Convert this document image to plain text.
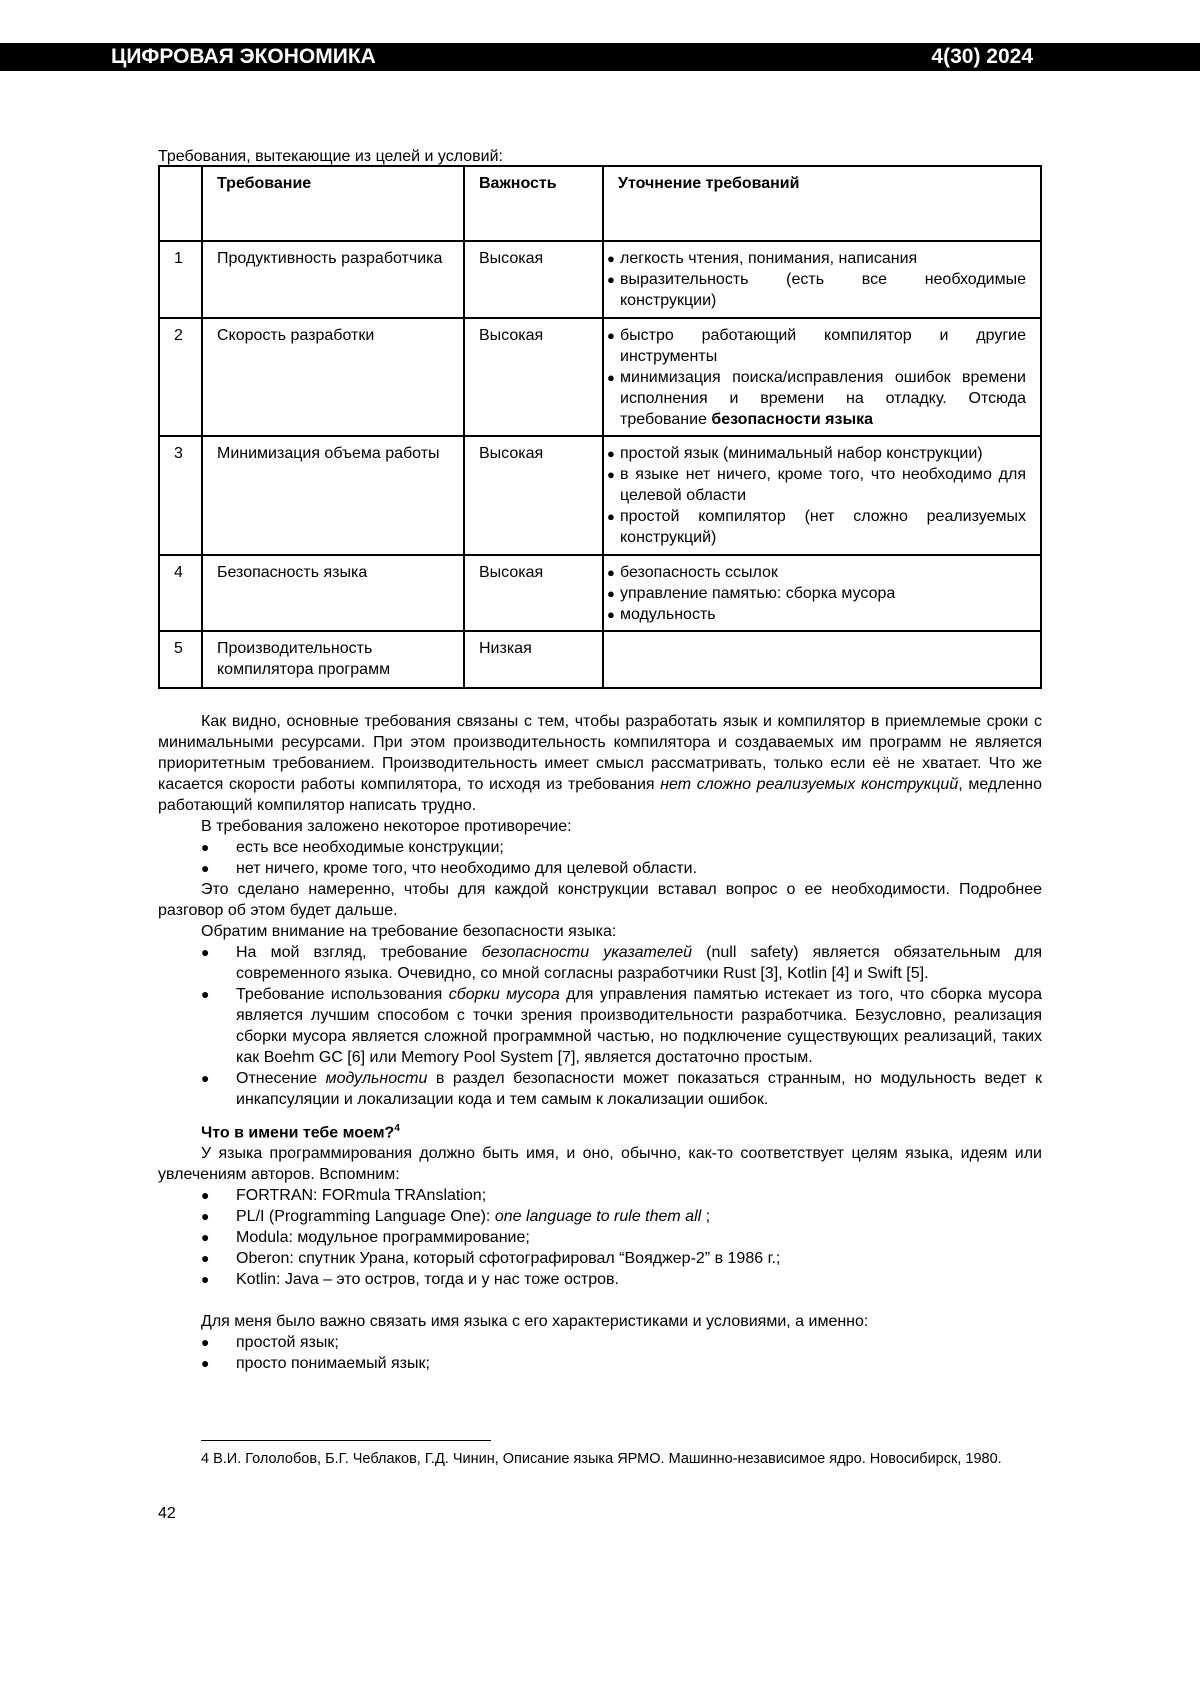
ЦИФРОВАЯ ЭКОНОМИКА	4(30) 2024
Требования, вытекающие из целей и условий:
	Требование	Важность	Уточнение требований
1	Продуктивность разработчика	Высокая	● легкость чтения, понимания, написания
● выразительность (есть все необходимые конструкции)

2	Скорость разработки	Высокая	● быстро работающий компилятор и другие инструменты
● минимизация поиска/исправления ошибок времени исполнения и времени на отладку. Отсюда требование безопасности языка

3	Минимизация объема работы	Высокая	● простой язык (минимальный набор конструкции)
● в языке нет ничего, кроме того, что необходимо для целевой области
● простой компилятор (нет сложно реализуемых конструкций)

4	Безопасность языка	Высокая	● безопасность ссылок
● управление памятью: сборка мусора
● модульность

5	Производительность компилятора программ	Низкая	

Как видно, основные требования связаны с тем, чтобы разработать язык и компилятор в приемлемые сроки с минимальными ресурсами. При этом производительность компилятора и создаваемых им программ не является приоритетным требованием. Производительность имеет смысл рассматривать, только если её не хватает. Что же касается скорости работы компилятора, то исходя из требования нет сложно реализуемых конструкций, медленно работающий компилятор написать трудно.

В требования заложено некоторое противоречие:

●	есть все необходимые конструкции;
●	нет ничего, кроме того, что необходимо для целевой области.

Это сделано намеренно, чтобы для каждой конструкции вставал вопрос о ее необходимости. Подробнее разговор об этом будет дальше.

Обратим внимание на требование безопасности языка:

●	На мой взгляд, требование безопасности указателей (null safety) является обязательным для современного языка. Очевидно, со мной согласны разработчики Rust [3], Kotlin [4] и Swift [5].
●	Требование использования сборки мусора для управления памятью истекает из того, что сборка мусора является лучшим способом с точки зрения производительности разработчика. Безусловно, реализация сборки мусора является сложной программной частью, но подключение существующих реализаций, таких как Boehm GC [6] или Memory Pool System [7], является достаточно простым.
●	Отнесение модульности в раздел безопасности может показаться странным, но модульность ведет к инкапсуляции и локализации кода и тем самым к локализации ошибок.
Что в имени тебе моем?4

У языка программирования должно быть имя, и оно, обычно, как-то соответствует целям языка, идеям или увлечениям авторов. Вспомним:

●	FORTRAN: FORmula TRAnslation;
●	PL/I (Programming Language One): one language to rule them all ;
●	Modula: модульное программирование;
●	Oberon: спутник Урана, который сфотографировал “Вояджер-2” в 1986 г.;
●	Kotlin: Java – это остров, тогда и у нас тоже остров.

Для меня было важно связать имя языка с его характеристиками и условиями, а именно:

●	простой язык;
●	просто понимаемый язык;
4 В.И. Гололобов, Б.Г. Чеблаков, Г.Д. Чинин, Описание языка ЯРМО. Машинно-независимое ядро. Новосибирск, 1980.
42
